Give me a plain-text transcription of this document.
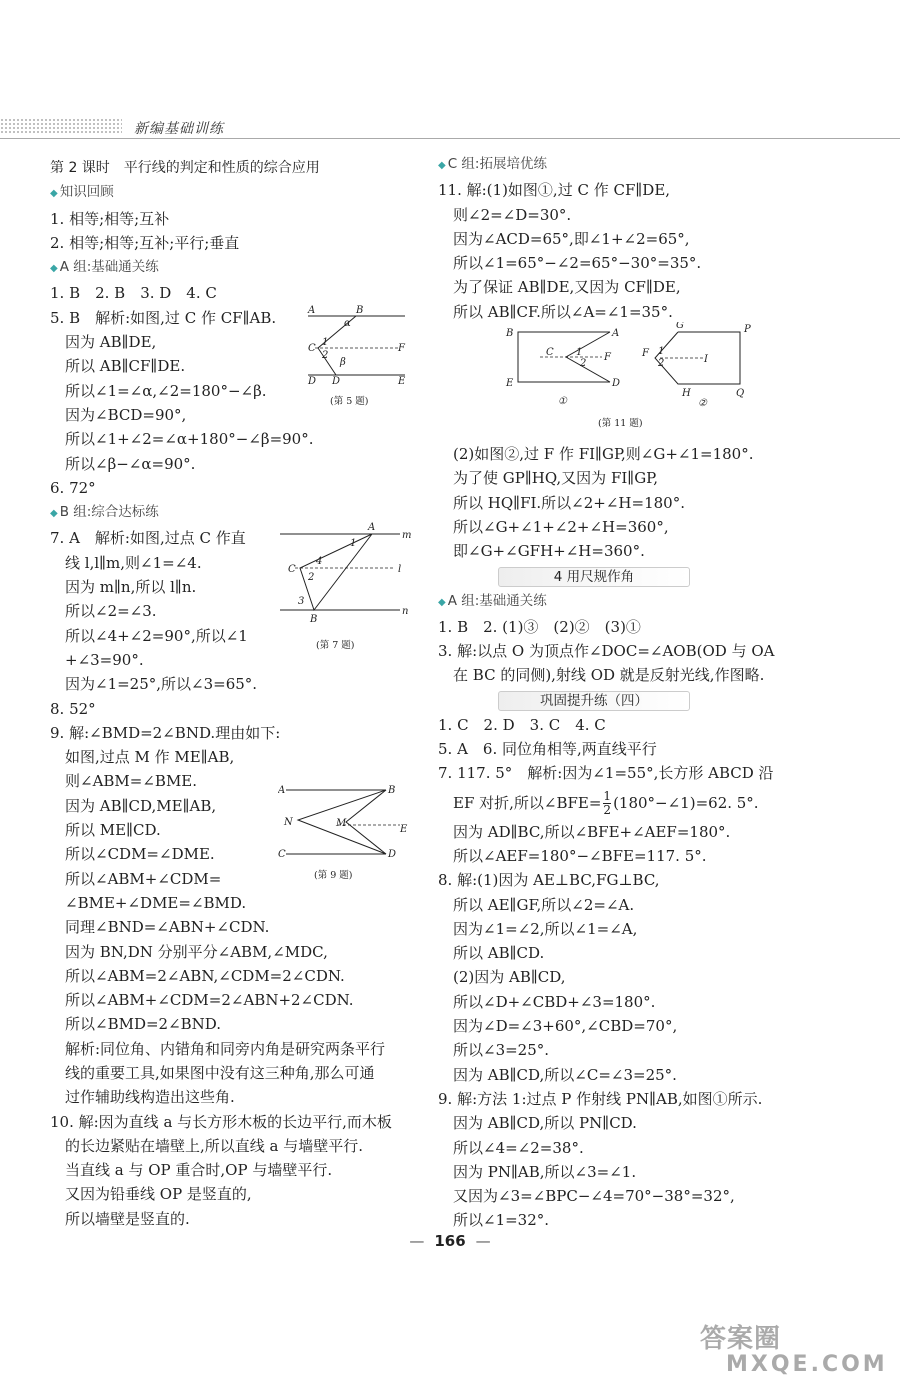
新编基础训练
第 2 课时　平行线的判定和性质的综合应用
◆ 知识回顾
1. 相等;相等;互补
2. 相等;相等;互补;平行;垂直
◆ A 组:基础通关练
1. B　2. B　3. D　4. C
5. B　解析:如图,过 C 作 CF∥AB.
　因为 AB∥DE,
　所以 AB∥CF∥DE.
　所以∠1=∠α,∠2=180°−∠β.
　因为∠BCD=90°,
　所以∠1+∠2=∠α+180°−∠β=90°.
　所以∠β−∠α=90°.
6. 72°
◆ B 组:综合达标练
7. A　解析:如图,过点 C 作直
　线 l,l∥m,则∠1=∠4.
　因为 m∥n,所以 l∥n.
　所以∠2=∠3.
　所以∠4+∠2=90°,所以∠1
　+∠3=90°.
　因为∠1=25°,所以∠3=65°.
8. 52°
9. 解:∠BMD=2∠BND.理由如下:
　如图,过点 M 作 ME∥AB,
　则∠ABM=∠BME.
　因为 AB∥CD,ME∥AB,
　所以 ME∥CD.
　所以∠CDM=∠DME.
　所以∠ABM+∠CDM=
　∠BME+∠DME=∠BMD.
　同理∠BND=∠ABN+∠CDN.
　因为 BN,DN 分别平分∠ABM,∠MDC,
　所以∠ABM=2∠ABN,∠CDM=2∠CDN.
　所以∠ABM+∠CDM=2∠ABN+2∠CDN.
　所以∠BMD=2∠BND.
　解析:同位角、内错角和同旁内角是研究两条平行
　线的重要工具,如果图中没有这三种角,那么可通
　过作辅助线构造出这些角.
10. 解:因为直线 a 与长方形木板的长边平行,而木板
　的长边紧贴在墙壁上,所以直线 a 与墙壁平行.
　当直线 a 与 OP 重合时,OP 与墙壁平行.
　又因为铅垂线 OP 是竖直的,
　所以墙壁是竖直的.
◆ C 组:拓展培优练
11. 解:(1)如图①,过 C 作 CF∥DE,
　则∠2=∠D=30°.
　因为∠ACD=65°,即∠1+∠2=65°,
　所以∠1=65°−∠2=65°−30°=35°.
　为了保证 AB∥DE,又因为 CF∥DE,
　所以 AB∥CF.所以∠A=∠1=35°.
　(2)如图②,过 F 作 FI∥GP,则∠G+∠1=180°.
　为了使 GP∥HQ,又因为 FI∥GP,
　所以 HQ∥FI.所以∠2+∠H=180°.
　所以∠G+∠1+∠2+∠H=360°,
　即∠G+∠GFH+∠H=360°.
4 用尺规作角
◆ A 组:基础通关练
1. B　2. (1)③　(2)②　(3)①
3. 解:以点 O 为顶点作∠DOC=∠AOB(OD 与 OA
　在 BC 的同侧),射线 OD 就是反射光线,作图略.
巩固提升练（四）
1. C　2. D　3. C　4. C
5. A　6. 同位角相等,两直线平行
7. 117. 5°　解析:因为∠1=55°,长方形 ABCD 沿
　EF 对折,所以∠BFE= $\frac{1}{2}$ (180°−∠1)=62. 5°.
　因为 AD∥BC,所以∠BFE+∠AEF=180°.
　所以∠AEF=180°−∠BFE=117. 5°.
8. 解:(1)因为 AE⊥BC,FG⊥BC,
　所以 AE∥GF,所以∠2=∠A.
　因为∠1=∠2,所以∠1=∠A,
　所以 AB∥CD.
　(2)因为 AB∥CD,
　所以∠D+∠CBD+∠3=180°.
　因为∠D=∠3+60°,∠CBD=70°,
　所以∠3=25°.
　因为 AB∥CD,所以∠C=∠3=25°.
9. 解:方法 1:过点 P 作射线 PN∥AB,如图①所示.
　因为 AB∥CD,所以 PN∥CD.
　所以∠4=∠2=38°.
　因为 PN∥AB,所以∠3=∠1.
　又因为∠3=∠BPC−∠4=70°−38°=32°,
　所以∠1=32°.
A	B
α
C
1
2
β
F
D D	E
(第 5 题)
A
m
1
C
4
2
l
3
B
n
(第 7 题)
A	B
N	M
E
C	D
(第 9 题)
B	A
C 1
2
F
E	D
①
G	P
F 1
2	I
H	Q
②
(第 11 题)
— 166 —
答案圈
MXQE.COM
